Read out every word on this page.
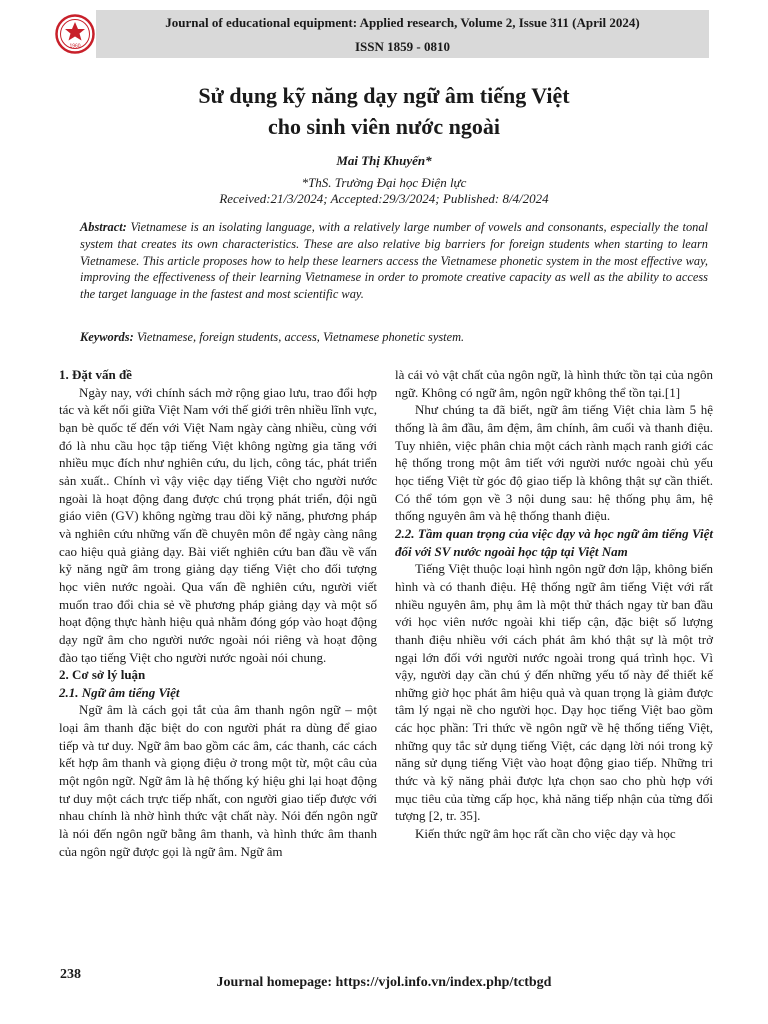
1960
Journal of educational equipment: Applied research, Volume 2, Issue 311 (April 2024)
ISSN 1859 - 0810
Sử dụng kỹ năng dạy ngữ âm tiếng Việt
cho sinh viên nước ngoài
Mai Thị Khuyến*
*ThS. Trường Đại học Điện lực
Received:21/3/2024; Accepted:29/3/2024; Published: 8/4/2024
Abstract: Vietnamese is an isolating language, with a relatively large number of vowels and consonants, especially the tonal system that creates its own characteristics. These are also relative big barriers for foreign students when starting to learn Vietnamese. This article proposes how to help these learners access the Vietnamese phonetic system in the most effective way, improving the effectiveness of their learning Vietnamese in order to promote creative capacity as well as the ability to access the target language in the fastest and most scientific way.
Keywords: Vietnamese, foreign students, access, Vietnamese phonetic system.
1. Đặt vấn đề

Ngày nay, với chính sách mở rộng giao lưu, trao đổi hợp tác và kết nối giữa Việt Nam với thế giới trên nhiều lĩnh vực, bạn bè quốc tế đến với Việt Nam ngày càng nhiều, cùng với đó là nhu cầu học tập tiếng Việt không ngừng gia tăng với nhiều mục đích như nghiên cứu, du lịch, công tác, phát triển sản xuất.. Chính vì vậy việc dạy tiếng Việt cho người nước ngoài là hoạt động đang được chú trọng phát triển, đội ngũ giáo viên (GV) không ngừng trau dồi kỹ năng, phương pháp và nghiên cứu những vấn đề chuyên môn để ngày càng nâng cao hiệu quả giảng dạy. Bài viết nghiên cứu ban đầu về vấn kỹ năng ngữ âm trong giảng dạy tiếng Việt cho đối tượng học viên nước ngoài. Qua vấn đề nghiên cứu, người viết muốn trao đổi chia sẻ về phương pháp giảng dạy và một số hoạt động thực hành hiệu quả nhằm đóng góp vào hoạt động dạy ngữ âm cho người nước ngoài nói riêng và hoạt động đào tạo tiếng Việt cho người nước ngoài nói chung.

2. Cơ sở lý luận
2.1. Ngữ âm tiếng Việt

Ngữ âm là cách gọi tắt của âm thanh ngôn ngữ – một loại âm thanh đặc biệt do con người phát ra dùng để giao tiếp và tư duy. Ngữ âm bao gồm các âm, các thanh, các cách kết hợp âm thanh và giọng điệu ở trong một từ, một câu của một ngôn ngữ. Ngữ âm là hệ thống ký hiệu ghi lại hoạt động tư duy một cách trực tiếp nhất, con người giao tiếp được với nhau chính là nhờ hình thức vật chất này. Nói đến ngôn ngữ là nói đến ngôn ngữ bằng âm thanh, và hình thức âm thanh của ngôn ngữ được gọi là ngữ âm. Ngữ âm

là cái vỏ vật chất của ngôn ngữ, là hình thức tồn tại của ngôn ngữ. Không có ngữ âm, ngôn ngữ không thể tồn tại.[1]

Như chúng ta đã biết, ngữ âm tiếng Việt chia làm 5 hệ thống là âm đầu, âm đệm, âm chính, âm cuối và thanh điệu. Tuy nhiên, việc phân chia một cách rành mạch ranh giới các hệ thống trong một âm tiết với người nước ngoài chủ yếu học tiếng Việt từ góc độ giao tiếp là không thật sự cần thiết. Có thể tóm gọn về 3 nội dung sau: hệ thống phụ âm, hệ thống nguyên âm và hệ thống thanh điệu.

2.2. Tầm quan trọng của việc dạy và học ngữ âm tiếng Việt đối với SV nước ngoài học tập tại Việt Nam

Tiếng Việt thuộc loại hình ngôn ngữ đơn lập, không biến hình và có thanh điệu. Hệ thống ngữ âm tiếng Việt với rất nhiều nguyên âm, phụ âm là một thử thách ngay từ ban đầu với học viên nước ngoài khi tiếp cận, đặc biệt số lượng thanh điệu nhiều với cách phát âm khó thật sự là một trở ngại lớn đối với người nước ngoài trong quá trình học. Vì vậy, người dạy cần chú ý đến những yếu tố này để thiết kế những giờ học phát âm hiệu quả và quan trọng là giảm được tâm lý ngại nề cho người học. Dạy học tiếng Việt bao gồm các học phần: Tri thức về ngôn ngữ về hệ thống tiếng Việt, những quy tắc sử dụng tiếng Việt, các dạng lời nói trong kỹ năng sử dụng tiếng Việt vào hoạt động giao tiếp. Những tri thức và kỹ năng phải được lựa chọn sao cho phù hợp với mục tiêu của từng cấp học, khả năng tiếp nhận của từng đối tượng [2, tr. 35].

Kiến thức ngữ âm học rất cần cho việc dạy và học

238
Journal homepage: https://vjol.info.vn/index.php/tctbgd
